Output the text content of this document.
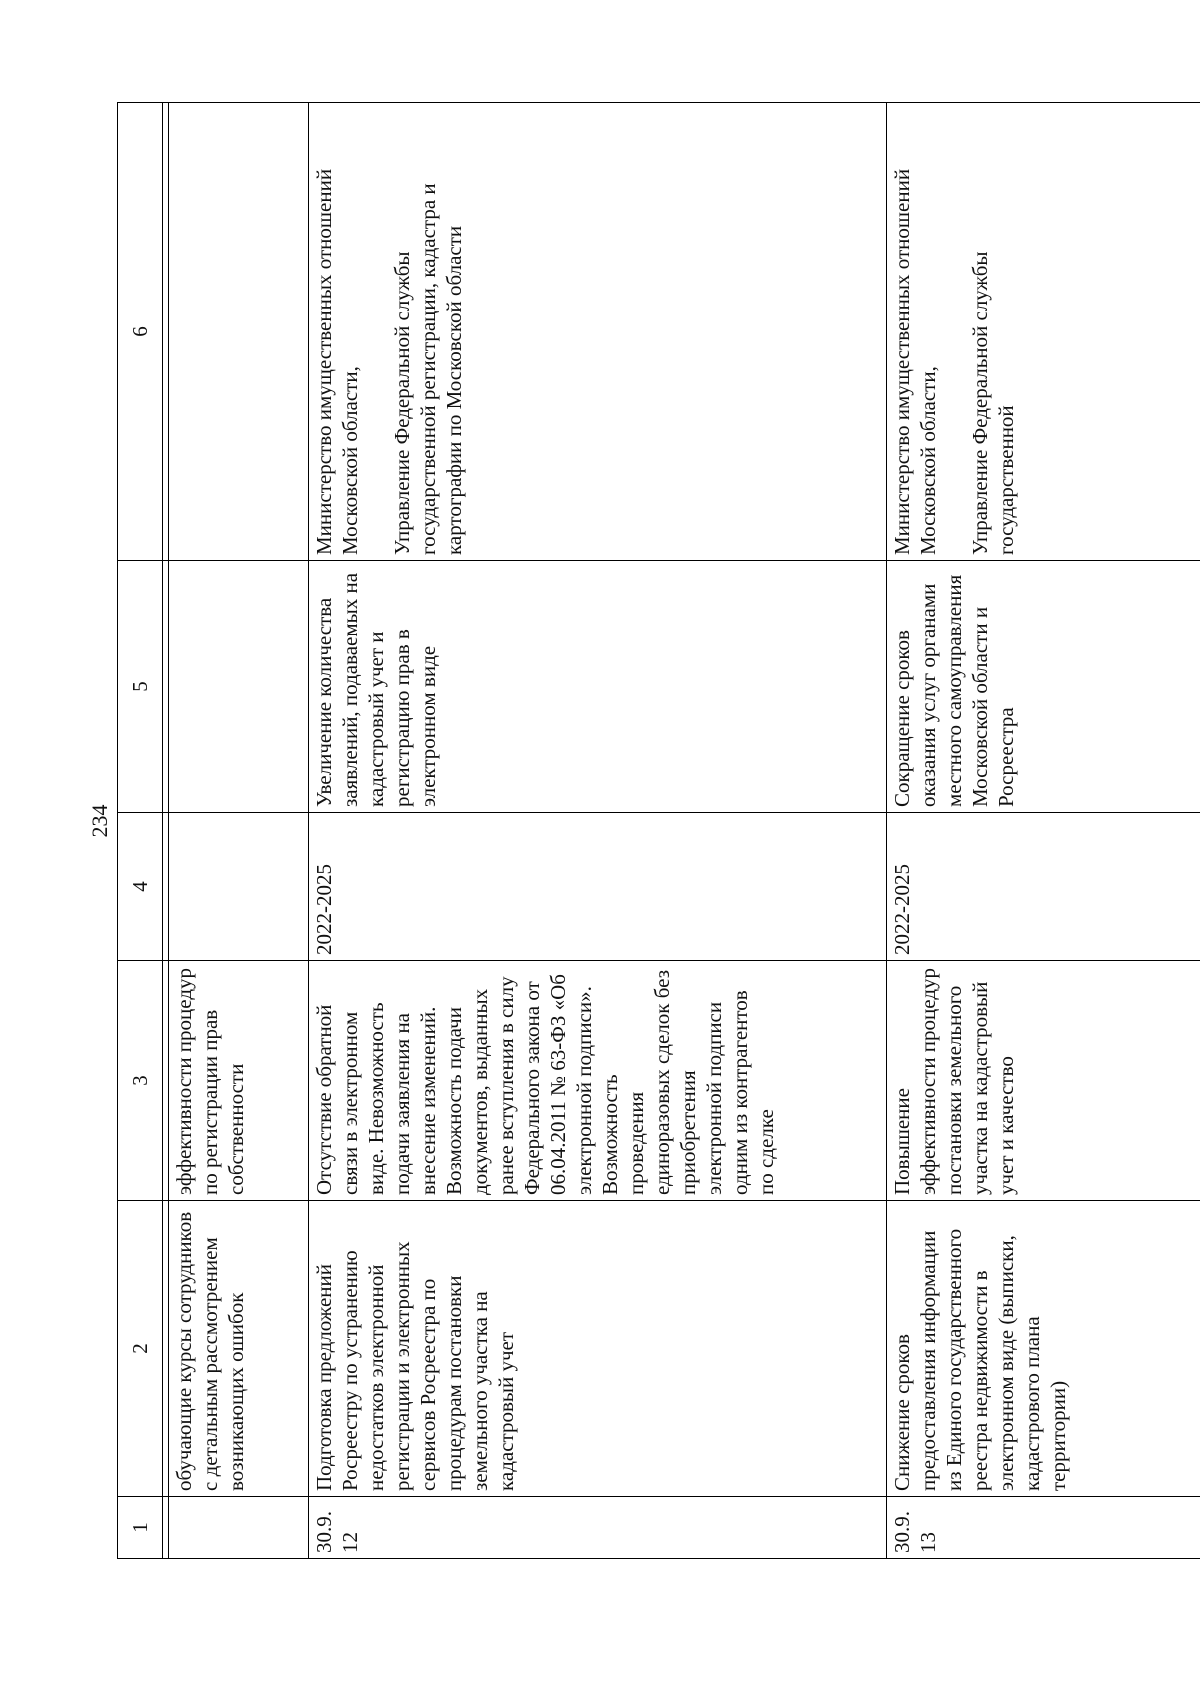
234
1	2	3	4	5	6

	обучающие курсы сотрудников с детальным рассмотрением возникающих ошибок	эффективности процедур по регистрации прав собственности			

30.9.12	Подготовка предложений Росреестру по устранению недостатков электронной регистрации и электронных сервисов Росреестра по процедурам постановки земельного участка на кадастровый учет	Отсутствие обратной связи в электронном виде. Невозможность подачи заявления на внесение изменений. Возможность подачи документов, выданных ранее вступления в силу Федерального закона от 06.04.2011 № 63-ФЗ «Об электронной подписи». Возможность проведения единоразовых сделок без приобретения электронной подписи одним из контрагентов по сделке	2022-2025	Увеличение количества заявлений, подаваемых на кадастровый учет и регистрацию прав в электронном виде	Министерство имущественных отношений Московской области, Управление Федеральной службы государственной регистрации, кадастра и картографии по Московской области

30.9.13	Снижение сроков предоставления информации из Единого государственного реестра недвижимости в электронном виде (выписки, кадастрового плана территории)	Повышение эффективности процедур постановки земельного участка на кадастровый учет и качество	2022-2025	Сокращение сроков оказания услуг органами местного самоуправления Московской области и Росреестра	Министерство имущественных отношений Московской области, Управление Федеральной службы государственной
